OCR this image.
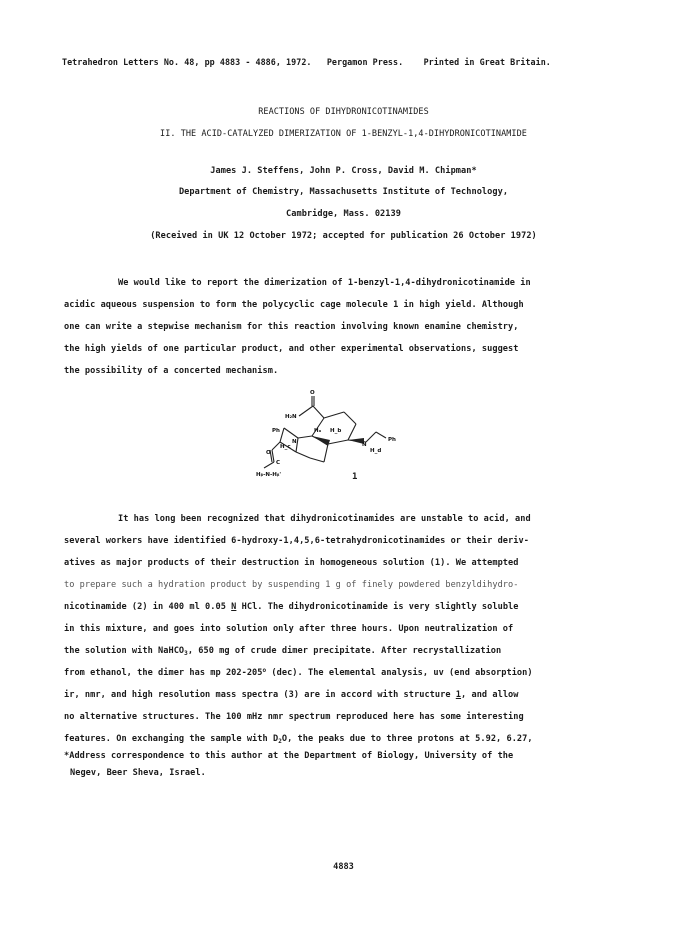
Tetrahedron Letters No. 48, pp 4883 - 4886, 1972. Pergamon Press. Printed in Great Britain.
REACTIONS OF DIHYDRONICOTINAMIDES
II. THE ACID-CATALYZED DIMERIZATION OF 1-BENZYL-1,4-DIHYDRONICOTINAMIDE
James J. Steffens, John P. Cross, David M. Chipman*
Department of Chemistry, Massachusetts Institute of Technology,
Cambridge, Mass. 02139
(Received in UK 12 October 1972; accepted for publication 26 October 1972)
We would like to report the dimerization of 1-benzyl-1,4-dihydronicotinamide in
acidic aqueous suspension to form the polycyclic cage molecule 1 in high yield. Although
one can write a stepwise mechanism for this reaction involving known enamine chemistry,
the high yields of one particular product, and other experimental observations, suggest
the possibility of a concerted mechanism.
O
H₂N
Ph	Hₐ H_b
H_c
N	N
Ph
H_d
O
C
Hᵦ-N-Hᵦ'	1
It has long been recognized that dihydronicotinamides are unstable to acid, and
several workers have identified 6-hydroxy-1,4,5,6-tetrahydronicotinamides or their deriv-
atives as major products of their destruction in homogeneous solution (1). We attempted
to prepare such a hydration product by suspending 1 g of finely powdered benzyldihydro-
nicotinamide (2) in 400 ml 0.05 N HCl. The dihydronicotinamide is very slightly soluble
in this mixture, and goes into solution only after three hours. Upon neutralization of
the solution with NaHCO$_3$, 650 mg of crude dimer precipitate. After recrystallization
from ethanol, the dimer has mp 202-205$^o$ (dec). The elemental analysis, uv (end absorption)
ir, nmr, and high resolution mass spectra (3) are in accord with structure 1, and allow
no alternative structures. The 100 mHz nmr spectrum reproduced here has some interesting
features. On exchanging the sample with $D_2O$, the peaks due to three protons at 5.92, 6.27,
*Address correspondence to this author at the Department of Biology, University of the
Negev, Beer Sheva, Israel.
4883
